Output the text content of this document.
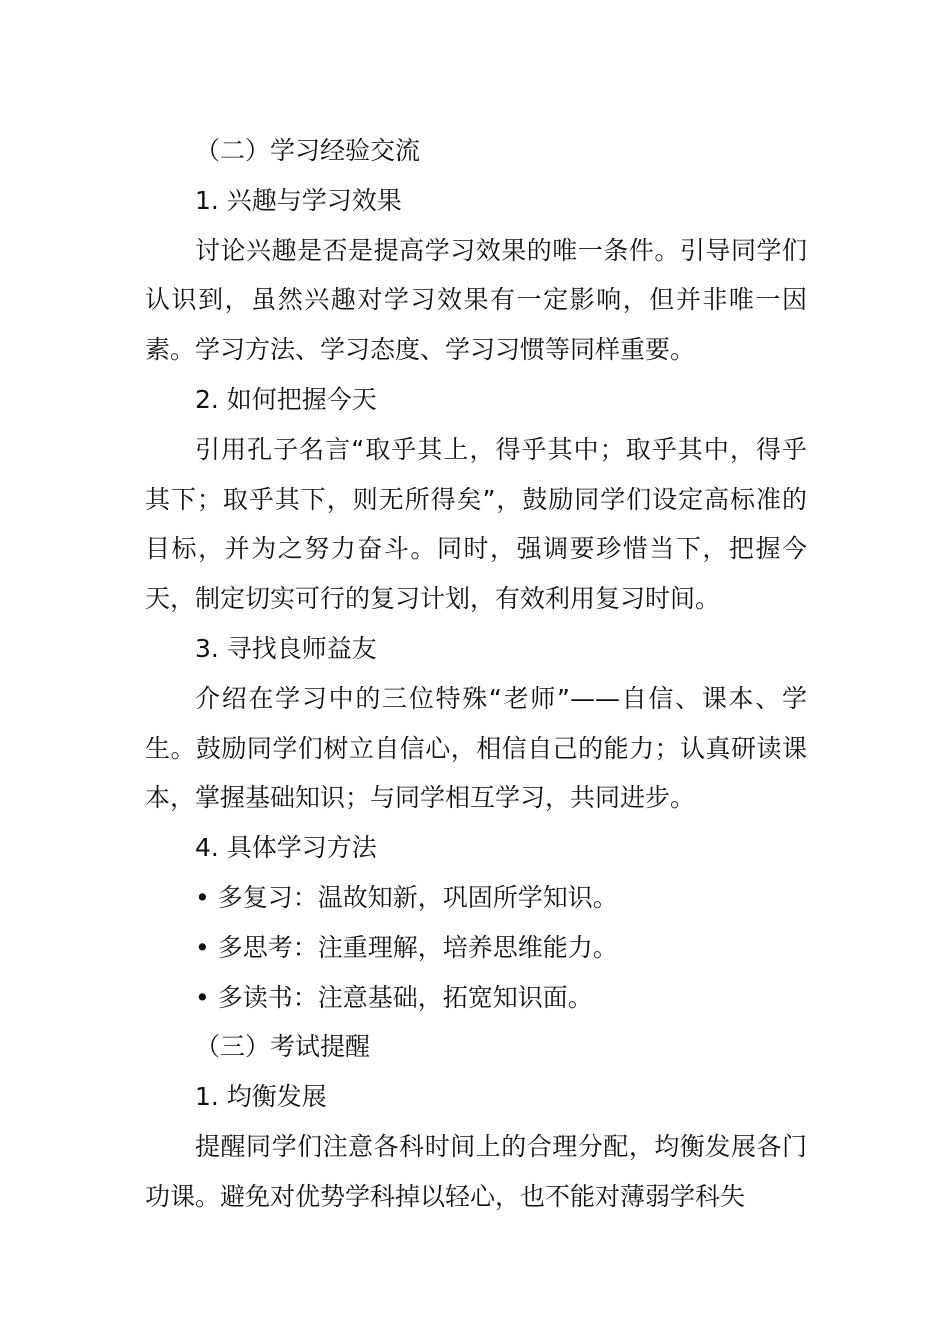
（二）学习经验交流

1. 兴趣与学习效果

讨论兴趣是否是提高学习效果的唯一条件。引导同学们认识到，虽然兴趣对学习效果有一定影响，但并非唯一因素。学习方法、学习态度、学习习惯等同样重要。

2. 如何把握今天

引用孔子名言“取乎其上，得乎其中；取乎其中，得乎其下；取乎其下，则无所得矣”，鼓励同学们设定高标准的目标，并为之努力奋斗。同时，强调要珍惜当下，把握今天，制定切实可行的复习计划，有效利用复习时间。

3. 寻找良师益友

介绍在学习中的三位特殊“老师”——自信、课本、学生。鼓励同学们树立自信心，相信自己的能力；认真研读课本，掌握基础知识；与同学相互学习，共同进步。

4. 具体学习方法

• 多复习：温故知新，巩固所学知识。

• 多思考：注重理解，培养思维能力。

• 多读书：注意基础，拓宽知识面。

（三）考试提醒

1. 均衡发展

提醒同学们注意各科时间上的合理分配，均衡发展各门功课。避免对优势学科掉以轻心，也不能对薄弱学科失
